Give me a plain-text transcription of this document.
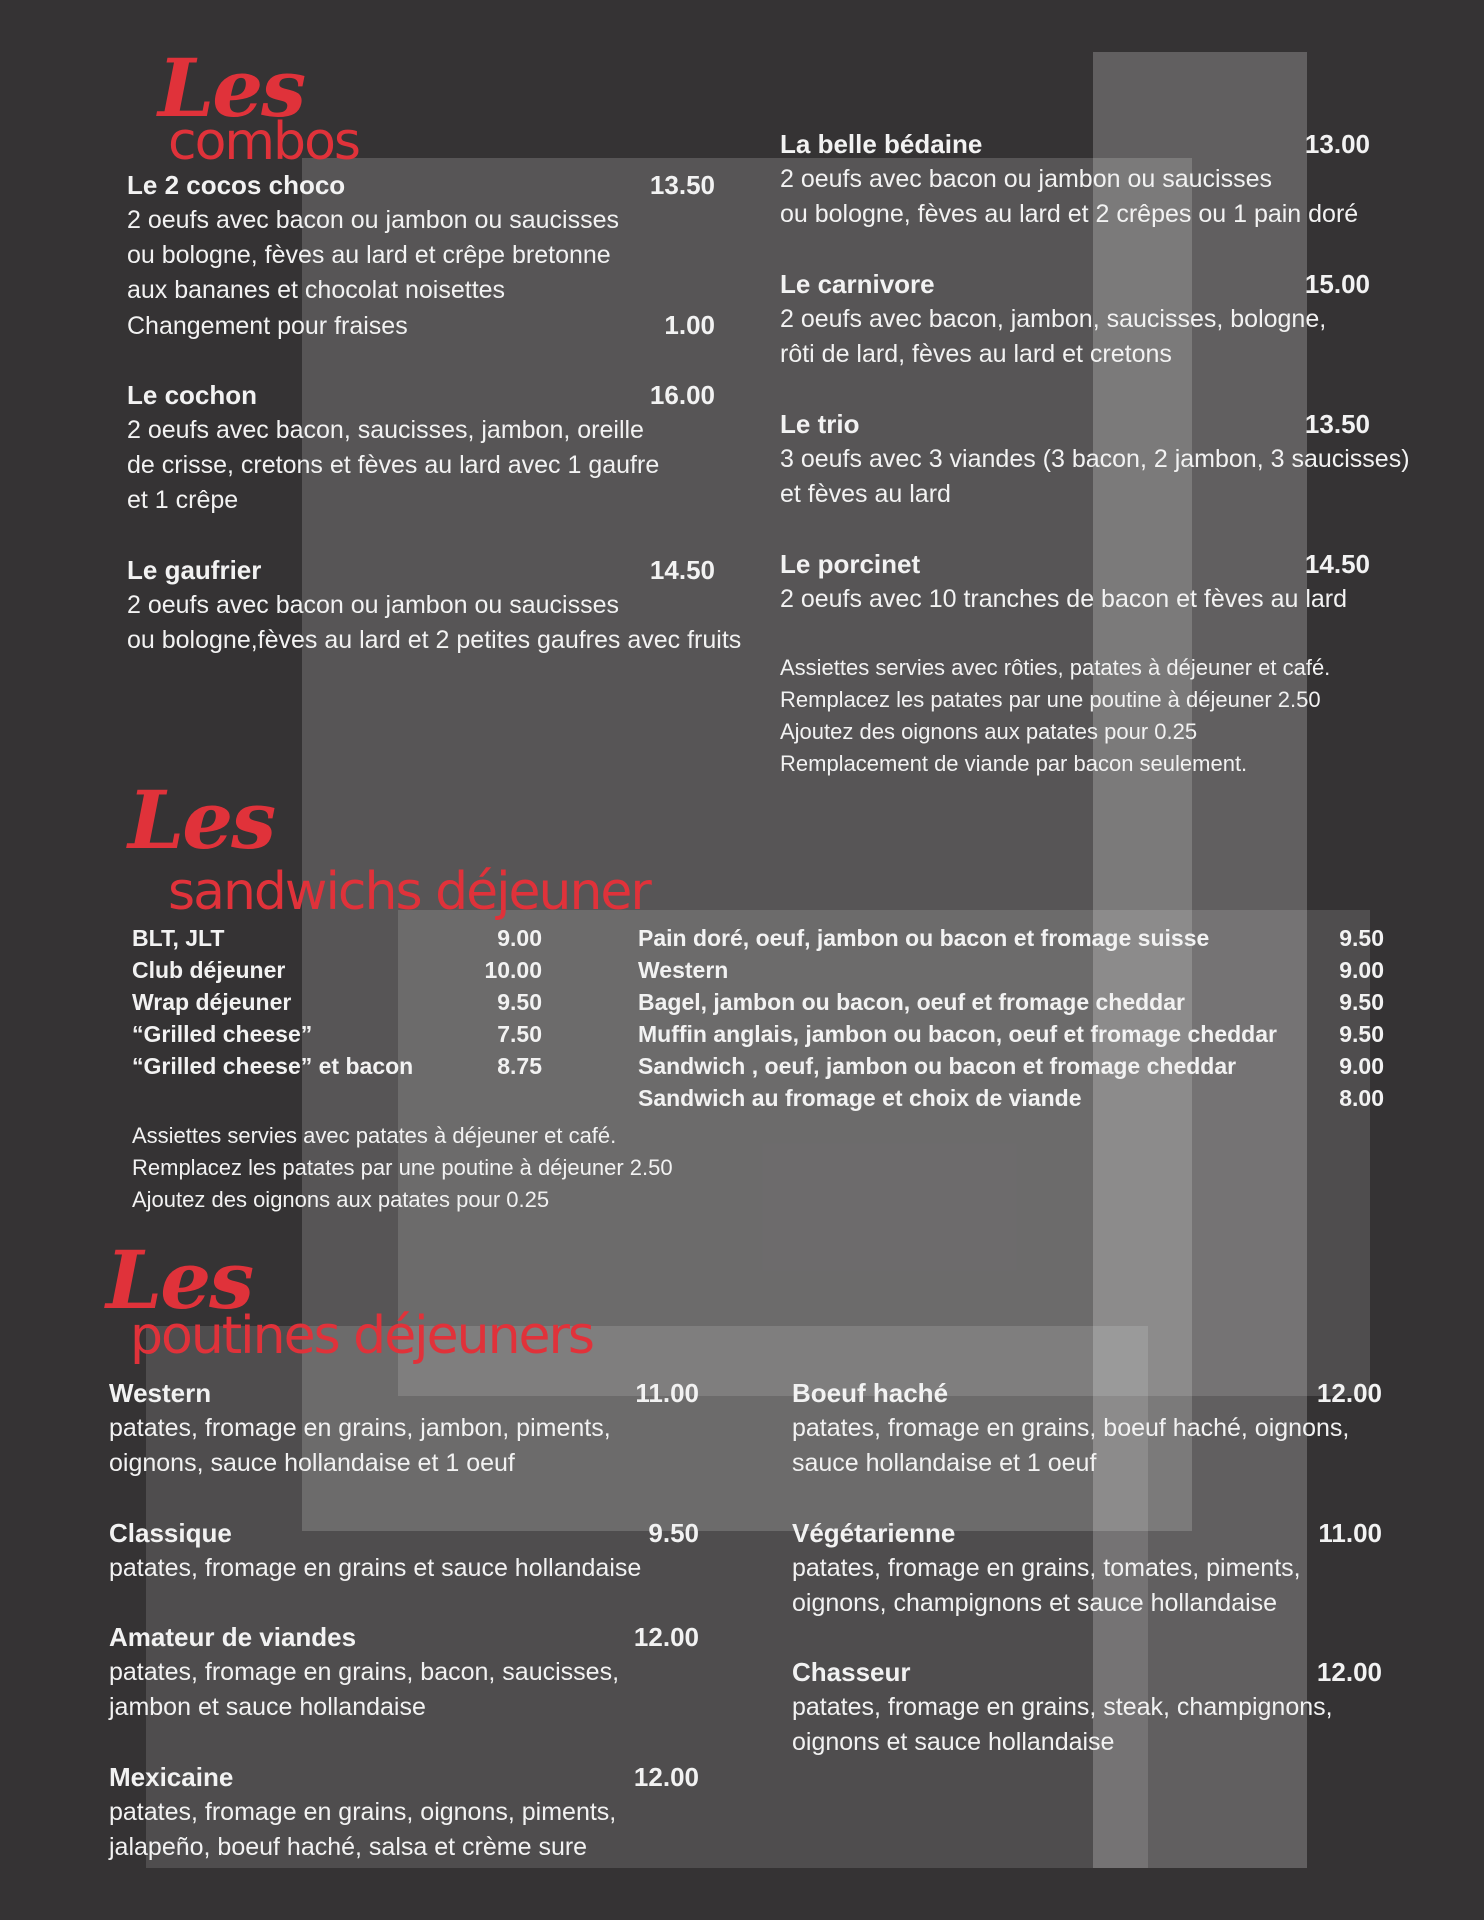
Les
combos
Le 2 cocos choco	13.50
2 oeufs avec bacon ou jambon ou saucisses
ou bologne, fèves au lard et crêpe bretonne
aux bananes et chocolat noisettes
Changement pour fraises	1.00
Le cochon	16.00
2 oeufs avec bacon, saucisses, jambon, oreille
de crisse, cretons et fèves au lard avec 1 gaufre
et 1 crêpe
Le gaufrier	14.50
2 oeufs avec bacon ou jambon ou saucisses
ou bologne,fèves au lard et 2 petites gaufres avec fruits
La belle bédaine	13.00
2 oeufs avec bacon ou jambon ou saucisses
ou bologne, fèves au lard et 2 crêpes ou 1 pain doré
Le carnivore	15.00
2 oeufs avec bacon, jambon, saucisses, bologne,
rôti de lard, fèves au lard et cretons
Le trio	13.50
3 oeufs avec 3 viandes (3 bacon, 2 jambon, 3 saucisses)
et fèves au lard
Le porcinet	14.50
2 oeufs avec 10 tranches de bacon et fèves au lard
Assiettes servies avec rôties, patates à déjeuner et café.
Remplacez les patates par une poutine à déjeuner 2.50
Ajoutez des oignons aux patates pour 0.25
Remplacement de viande par bacon seulement.
Les
sandwichs déjeuner
BLT, JLT	9.00
Club déjeuner	10.00
Wrap déjeuner	9.50
“Grilled cheese”	7.50
“Grilled cheese” et bacon	8.75
Pain doré, oeuf, jambon ou bacon et fromage suisse	9.50
Western	9.00
Bagel, jambon ou bacon, oeuf et fromage cheddar	9.50
Muffin anglais, jambon ou bacon, oeuf et fromage cheddar	9.50
Sandwich , oeuf, jambon ou bacon et fromage cheddar	9.00
Sandwich au fromage et choix de viande	8.00
Assiettes servies avec patates à déjeuner et café.
Remplacez les patates par une poutine à déjeuner 2.50
Ajoutez des oignons aux patates pour 0.25
Les
poutines déjeuners
Western	11.00
patates, fromage en grains, jambon, piments,
oignons, sauce hollandaise et 1 oeuf
Classique	9.50
patates, fromage en grains et sauce hollandaise
Amateur de viandes	12.00
patates, fromage en grains, bacon, saucisses,
jambon et sauce hollandaise
Mexicaine	12.00
patates, fromage en grains, oignons, piments,
jalapeño, boeuf haché, salsa et crème sure
Boeuf haché	12.00
patates, fromage en grains, boeuf haché, oignons,
sauce hollandaise et 1 oeuf
Végétarienne	11.00
patates, fromage en grains, tomates, piments,
oignons, champignons et sauce hollandaise
Chasseur	12.00
patates, fromage en grains, steak, champignons,
oignons et sauce hollandaise
